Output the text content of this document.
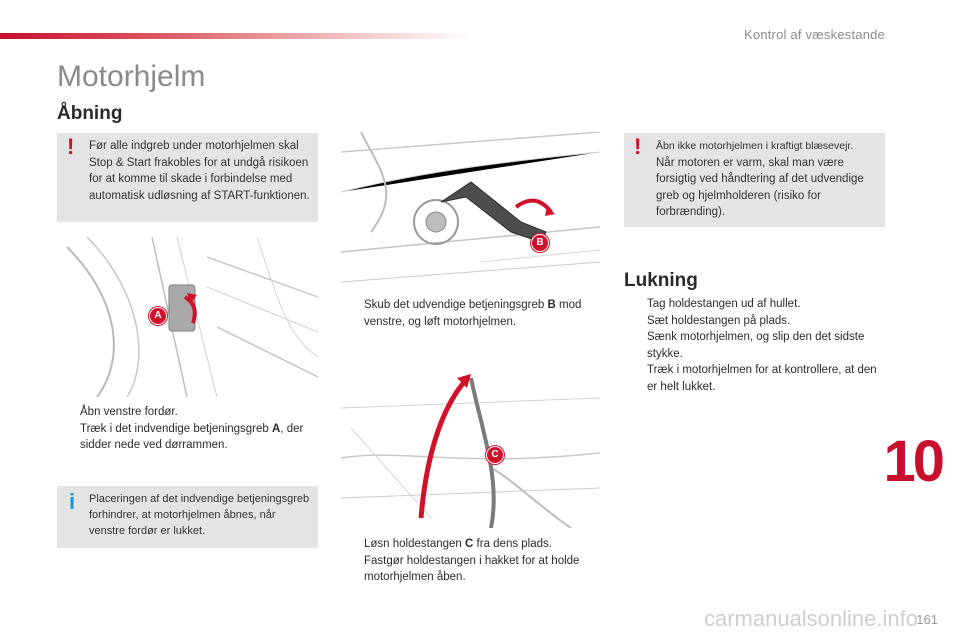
Kontrol af væskestande
Motorhjelm
Åbning
! Før alle indgreb under motorhjelmen skal Stop & Start frakobles for at undgå risikoen for at komme til skade i forbindelse med automatisk udløsning af START-funktionen.
A
Åbn venstre fordør.
Træk i det indvendige betjeningsgreb A, der sidder nede ved dørrammen.
i Placeringen af det indvendige betjeningsgreb forhindrer, at motorhjelmen åbnes, når venstre fordør er lukket.
B
Skub det udvendige betjeningsgreb B mod venstre, og løft motorhjelmen.
C
Løsn holdestangen C fra dens plads.
Fastgør holdestangen i hakket for at holde motorhjelmen åben.
! Åbn ikke motorhjelmen i kraftigt blæsevejr.
Når motoren er varm, skal man være forsigtig ved håndtering af det udvendige greb og hjelmholderen (risiko for forbrænding).
Lukning
Tag holdestangen ud af hullet.
Sæt holdestangen på plads.
Sænk motorhjelmen, og slip den det sidste stykke.
Træk i motorhjelmen for at kontrollere, at den er helt lukket.
10
carmanualsonline.info
161
